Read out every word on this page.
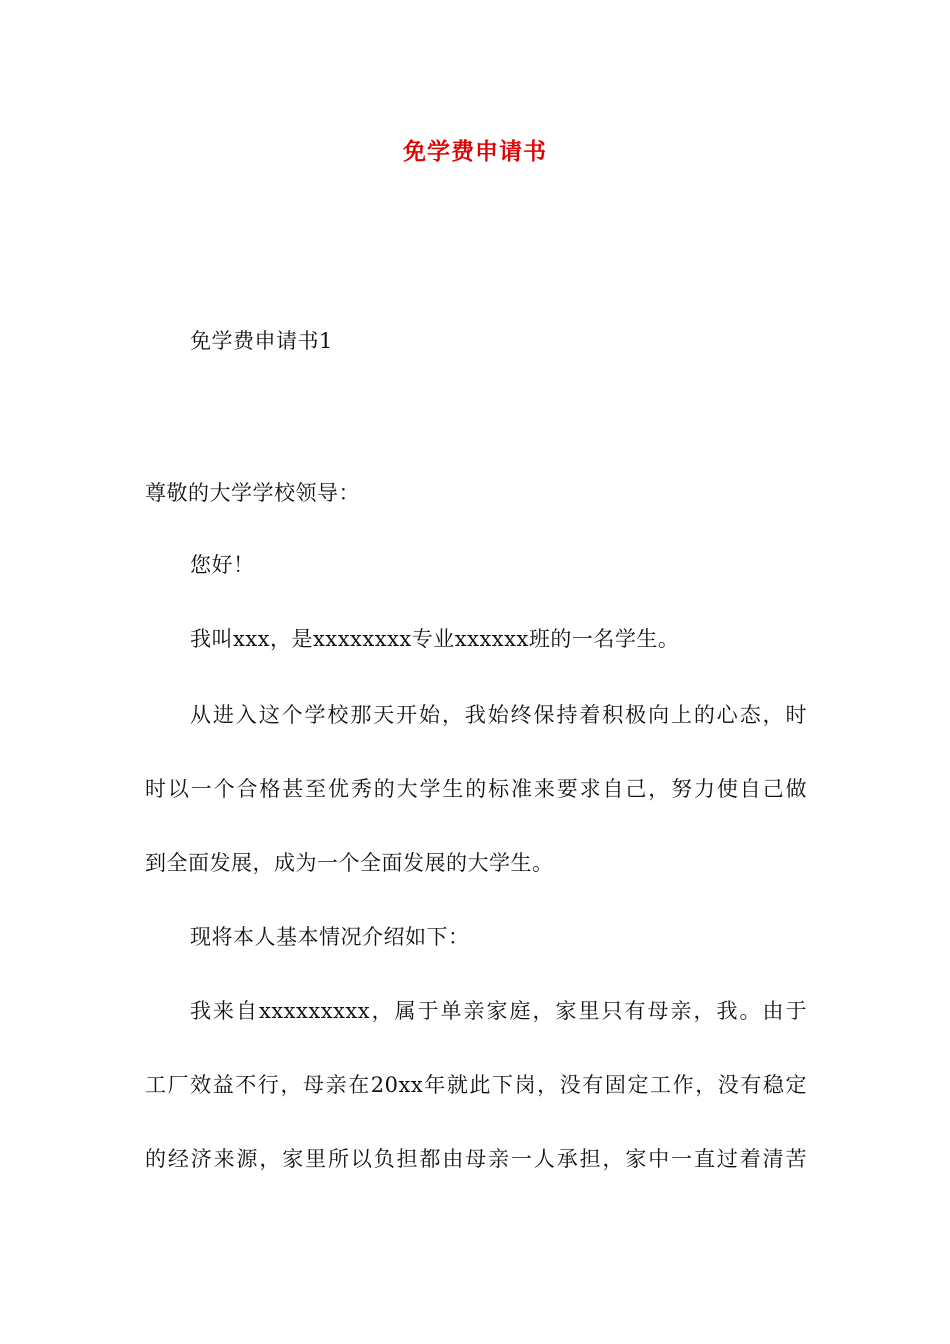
免学费申请书
免学费申请书1
尊敬的大学学校领导：
您好！
我叫xxx，是xxxxxxxx专业xxxxxx班的一名学生。
从进入这个学校那天开始，我始终保持着积极向上的心态，时
时以一个合格甚至优秀的大学生的标准来要求自己，努力使自己做
到全面发展，成为一个全面发展的大学生。
现将本人基本情况介绍如下：
我来自xxxxxxxxx，属于单亲家庭，家里只有母亲，我。由于
工厂效益不行，母亲在20xx年就此下岗，没有固定工作，没有稳定
的经济来源，家里所以负担都由母亲一人承担，家中一直过着清苦
